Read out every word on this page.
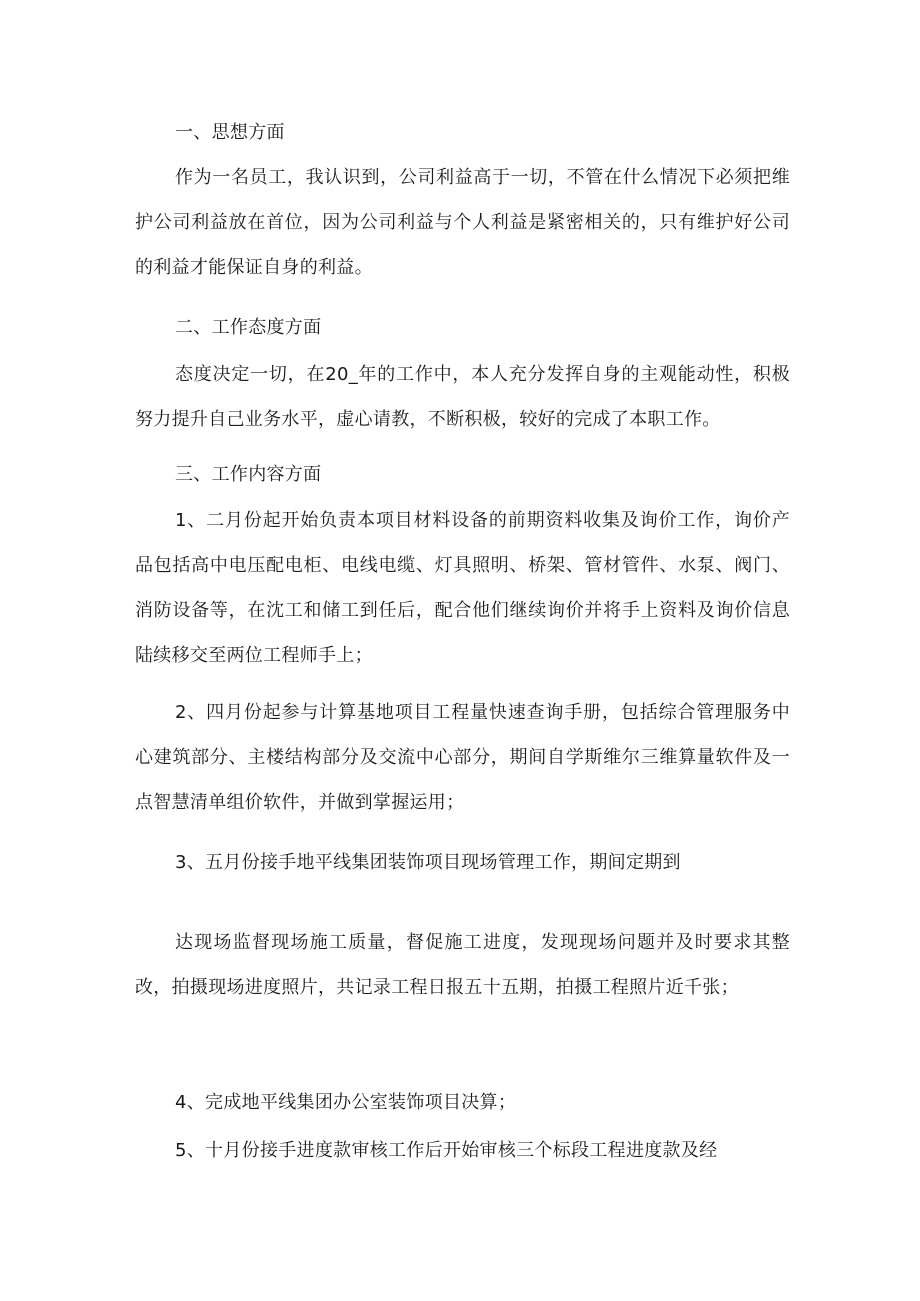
一、思想方面

作为一名员工，我认识到，公司利益高于一切，不管在什么情况下必须把维护公司利益放在首位，因为公司利益与个人利益是紧密相关的，只有维护好公司的利益才能保证自身的利益。

二、工作态度方面

态度决定一切，在20_年的工作中，本人充分发挥自身的主观能动性，积极努力提升自己业务水平，虚心请教，不断积极，较好的完成了本职工作。

三、工作内容方面

1、二月份起开始负责本项目材料设备的前期资料收集及询价工作，询价产品包括高中电压配电柜、电线电缆、灯具照明、桥架、管材管件、水泵、阀门、消防设备等，在沈工和储工到任后，配合他们继续询价并将手上资料及询价信息陆续移交至两位工程师手上；

2、四月份起参与计算基地项目工程量快速查询手册，包括综合管理服务中心建筑部分、主楼结构部分及交流中心部分，期间自学斯维尔三维算量软件及一点智慧清单组价软件，并做到掌握运用；

3、五月份接手地平线集团装饰项目现场管理工作，期间定期到

达现场监督现场施工质量，督促施工进度，发现现场问题并及时要求其整改，拍摄现场进度照片，共记录工程日报五十五期，拍摄工程照片近千张；

4、完成地平线集团办公室装饰项目决算；

5、十月份接手进度款审核工作后开始审核三个标段工程进度款及经
